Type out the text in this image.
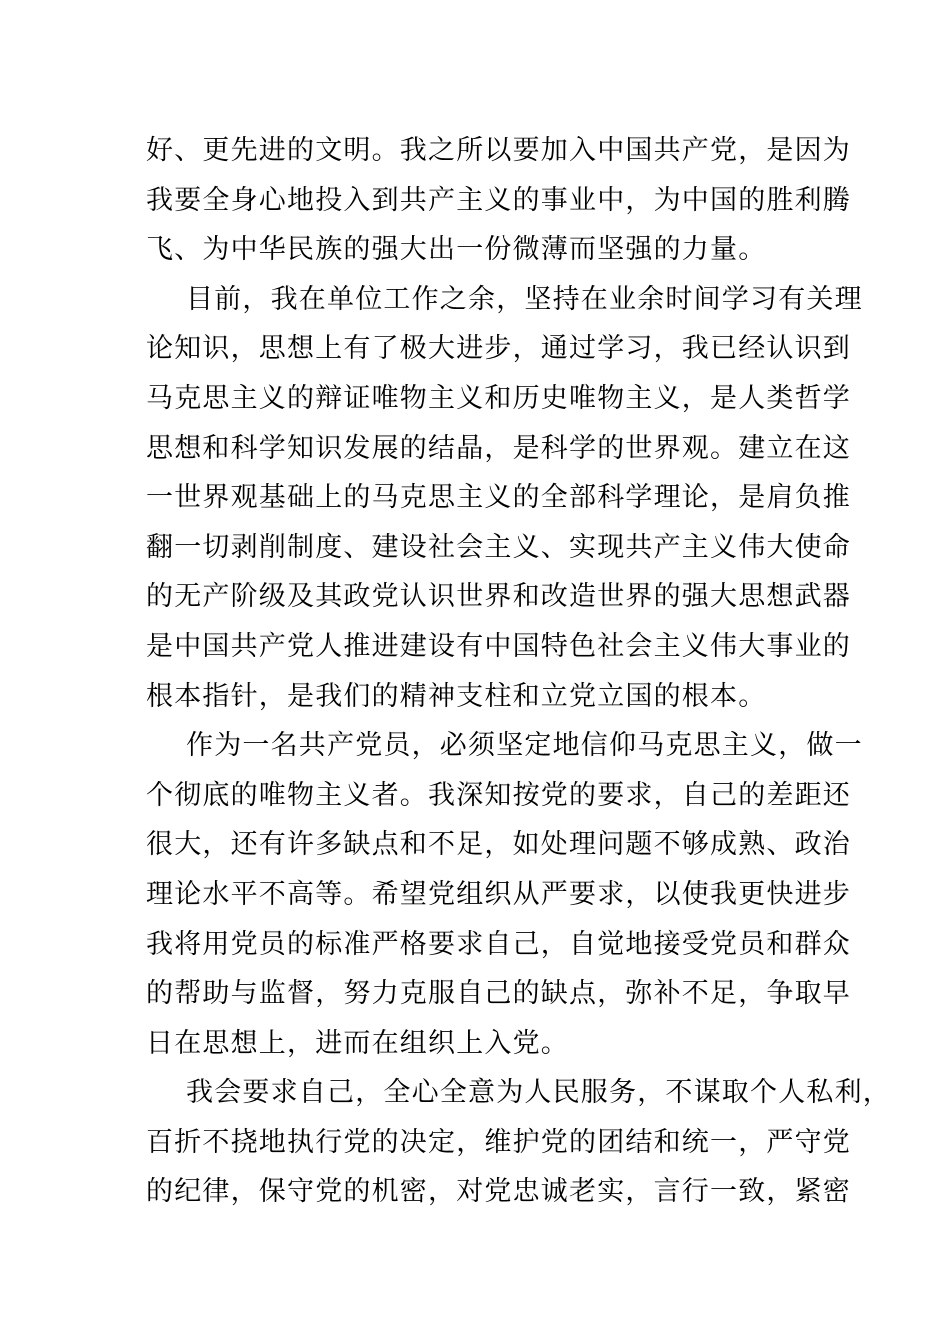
好、更先进的文明。我之所以要加入中国共产党，是因为
我要全身心地投入到共产主义的事业中，为中国的胜利腾
飞、为中华民族的强大出一份微薄而坚强的力量。
目前，我在单位工作之余，坚持在业余时间学习有关理
论知识，思想上有了极大进步，通过学习，我已经认识到
马克思主义的辩证唯物主义和历史唯物主义，是人类哲学
思想和科学知识发展的结晶，是科学的世界观。建立在这
一世界观基础上的马克思主义的全部科学理论，是肩负推
翻一切剥削制度、建设社会主义、实现共产主义伟大使命
的无产阶级及其政党认识世界和改造世界的强大思想武器
是中国共产党人推进建设有中国特色社会主义伟大事业的
根本指针，是我们的精神支柱和立党立国的根本。
作为一名共产党员，必须坚定地信仰马克思主义，做一
个彻底的唯物主义者。我深知按党的要求，自己的差距还
很大，还有许多缺点和不足，如处理问题不够成熟、政治
理论水平不高等。希望党组织从严要求，以使我更快进步
我将用党员的标准严格要求自己，自觉地接受党员和群众
的帮助与监督，努力克服自己的缺点，弥补不足，争取早
日在思想上，进而在组织上入党。
我会要求自己，全心全意为人民服务，不谋取个人私利，
百折不挠地执行党的决定，维护党的团结和统一，严守党
的纪律，保守党的机密，对党忠诚老实，言行一致，紧密
